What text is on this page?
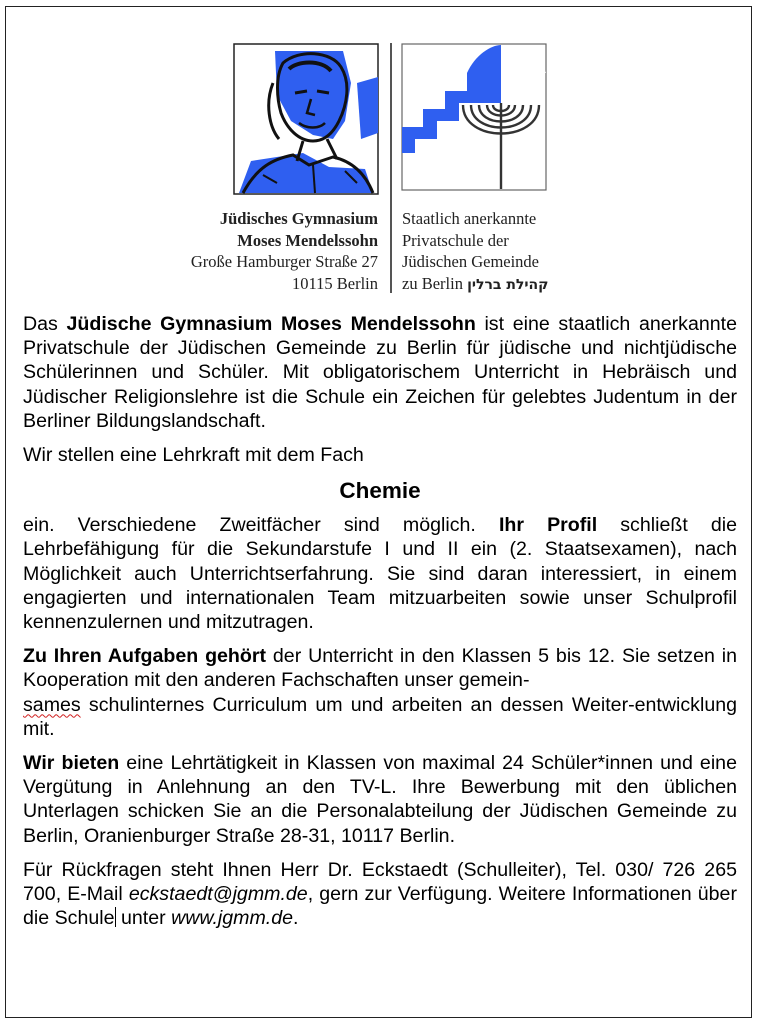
Jüdisches Gymnasium
Moses Mendelssohn
Große Hamburger Straße 27
10115 Berlin
Staatlich anerkannte
Privatschule der
Jüdischen Gemeinde
zu Berlin קהילת ברלין

Das Jüdische Gymnasium Moses Mendelssohn ist eine staatlich anerkannte Privatschule der Jüdischen Gemeinde zu Berlin für jüdische und nichtjüdische Schülerinnen und Schüler. Mit obligatorischem Unterricht in Hebräisch und Jüdischer Religionslehre ist die Schule ein Zeichen für gelebtes Judentum in der Berliner Bildungslandschaft.

Wir stellen eine Lehrkraft mit dem Fach

Chemie

ein. Verschiedene Zweitfächer sind möglich. Ihr Profil schließt die Lehrbefähigung für die Sekundarstufe I und II ein (2. Staatsexamen), nach Möglichkeit auch Unterrichtserfahrung. Sie sind daran interessiert, in einem engagierten und internationalen Team mitzuarbeiten sowie unser Schulprofil kennenzulernen und mitzutragen.

Zu Ihren Aufgaben gehört der Unterricht in den Klassen 5 bis 12. Sie setzen in Kooperation mit den anderen Fachschaften unser gemein-
sames schulinternes Curriculum um und arbeiten an dessen Weiter-entwicklung mit.

Wir bieten eine Lehrtätigkeit in Klassen von maximal 24 Schüler*innen und eine Vergütung in Anlehnung an den TV-L. Ihre Bewerbung mit den üblichen Unterlagen schicken Sie an die Personalabteilung der Jüdischen Gemeinde zu Berlin, Oranienburger Straße 28-31, 10117 Berlin.

Für Rückfragen steht Ihnen Herr Dr. Eckstaedt (Schulleiter), Tel. 030/ 726 265 700, E-Mail eckstaedt@jgmm.de, gern zur Verfügung. Weitere Informationen über die Schule unter www.jgmm.de.
